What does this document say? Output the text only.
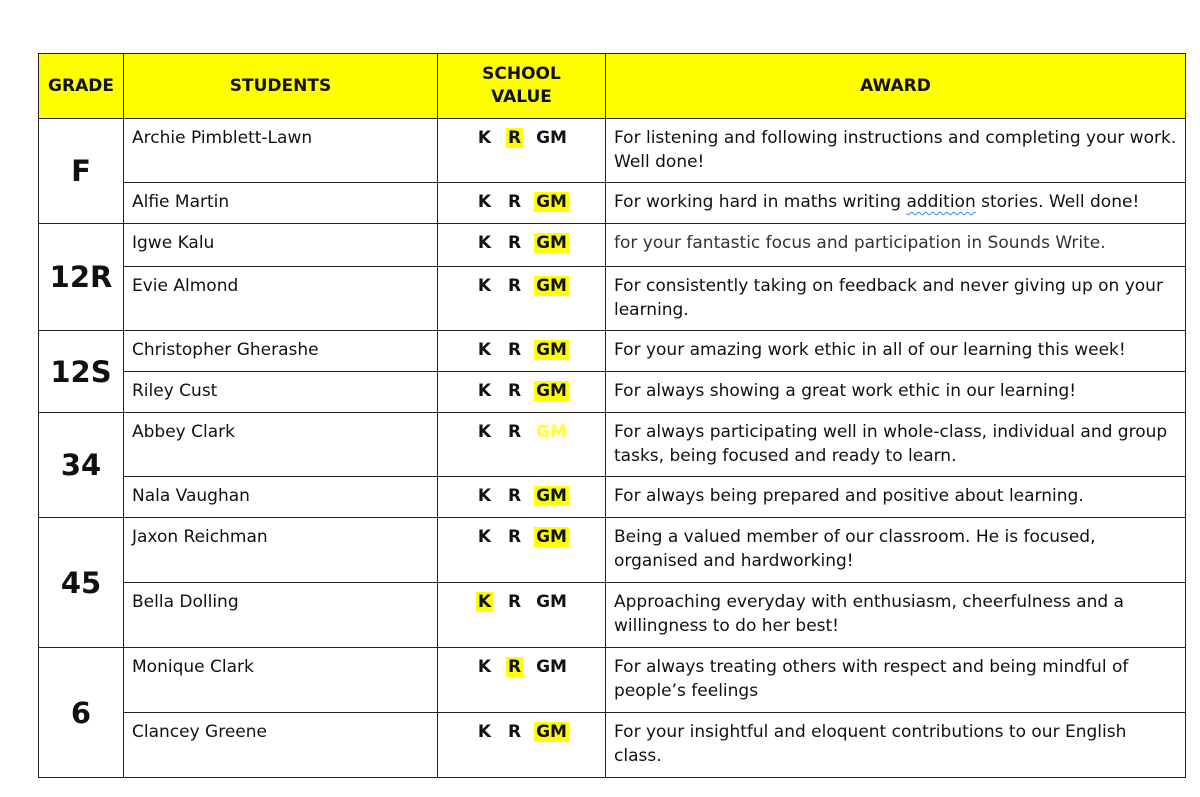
GRADE	STUDENTS	SCHOOL VALUE	AWARD
F	Archie Pimblett-Lawn	K R GM	For listening and following instructions and completing your work. Well done!
	Alfie Martin	K R GM	For working hard in maths writing addition stories. Well done!
12R	Igwe Kalu	K R GM	for your fantastic focus and participation in Sounds Write.
	Evie Almond	K R GM	For consistently taking on feedback and never giving up on your learning.
12S	Christopher Gherashe	K R GM	For your amazing work ethic in all of our learning this week!
	Riley Cust	K R GM	For always showing a great work ethic in our learning!
34	Abbey Clark	K R GM	For always participating well in whole-class, individual and group tasks, being focused and ready to learn.
	Nala Vaughan	K R GM	For always being prepared and positive about learning.
45	Jaxon Reichman	K R GM	Being a valued member of our classroom. He is focused, organised and hardworking!
	Bella Dolling	K R GM	Approaching everyday with enthusiasm, cheerfulness and a willingness to do her best!
6	Monique Clark	K R GM	For always treating others with respect and being mindful of people’s feelings
	Clancey Greene	K R GM	For your insightful and eloquent contributions to our English class.
